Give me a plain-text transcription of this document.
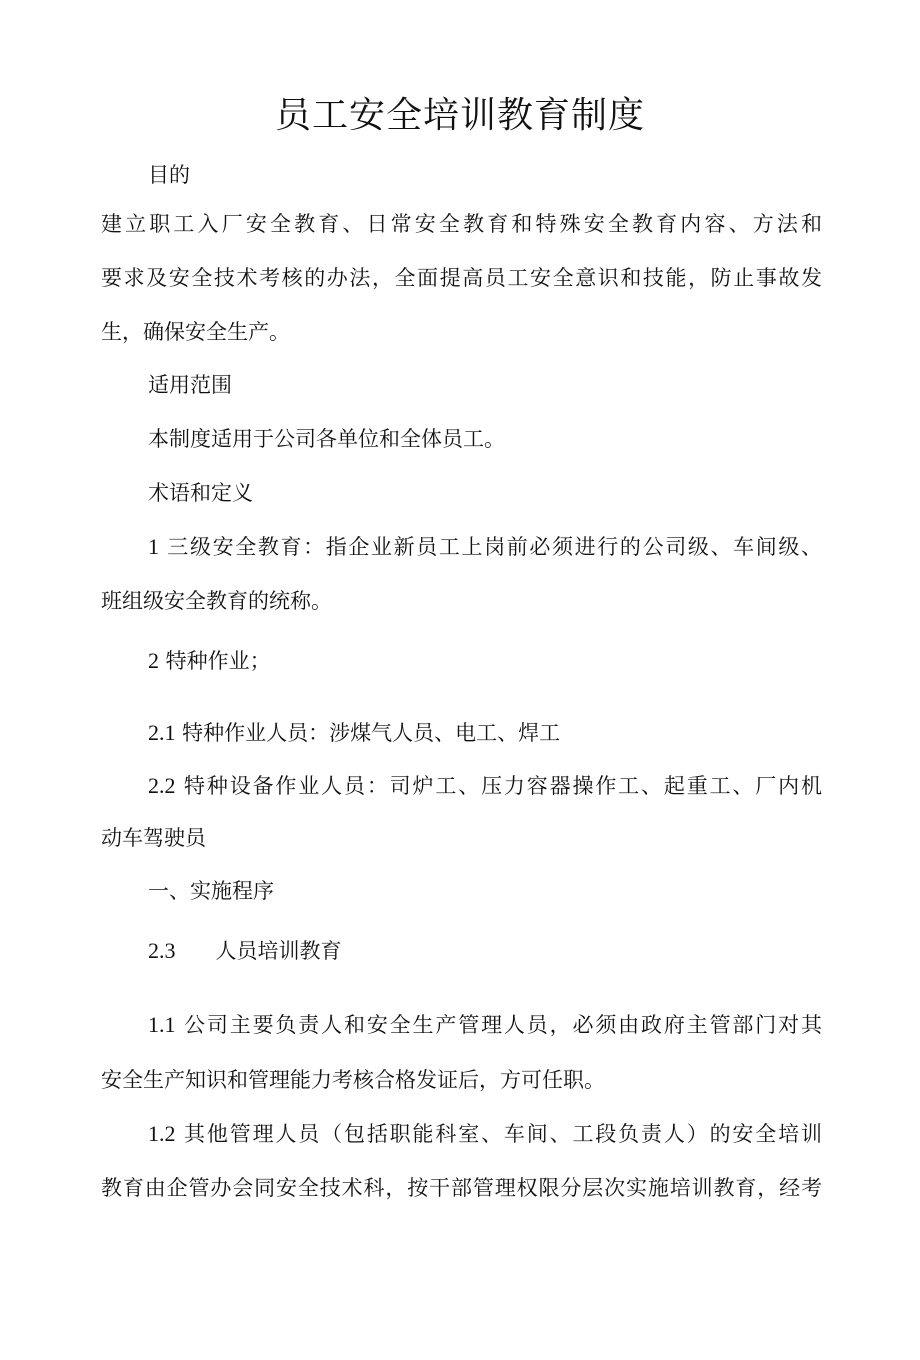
员工安全培训教育制度
目的
建立职工入厂安全教育、日常安全教育和特殊安全教育内容、方法和
要求及安全技术考核的办法，全面提高员工安全意识和技能，防止事故发
生，确保安全生产。
适用范围
本制度适用于公司各单位和全体员工。
术语和定义
1 三级安全教育：指企业新员工上岗前必须进行的公司级、车间级、
班组级安全教育的统称。
2 特种作业；
2.1 特种作业人员：涉煤气人员、电工、焊工
2.2 特种设备作业人员：司炉工、压力容器操作工、起重工、厂内机
动车驾驶员
一、实施程序
2.3 人员培训教育
1.1 公司主要负责人和安全生产管理人员，必须由政府主管部门对其
安全生产知识和管理能力考核合格发证后，方可任职。
1.2 其他管理人员（包括职能科室、车间、工段负责人）的安全培训
教育由企管办会同安全技术科，按干部管理权限分层次实施培训教育，经考
